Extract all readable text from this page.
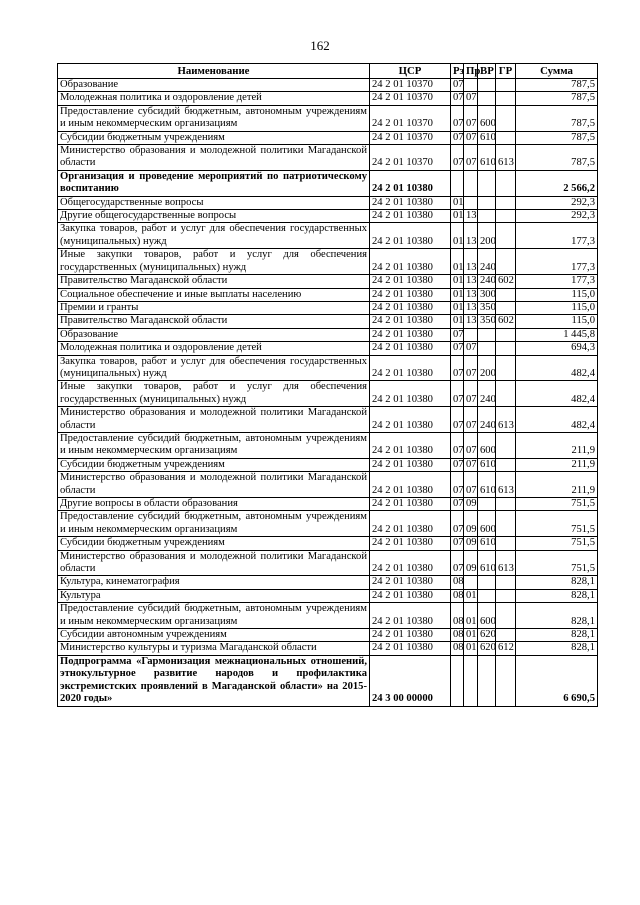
162
Наименование	ЦСР	Рз	Пр	ВР	ГР	Сумма
Образование	24 2 01 10370	07				787,5
Молодежная политика и оздоровление детей	24 2 01 10370	07	07			787,5
Предоставление субсидий бюджетным, автономным учреждениям и иным некоммерческим организациям	24 2 01 10370	07	07	600		787,5
Субсидии бюджетным учреждениям	24 2 01 10370	07	07	610		787,5
Министерство образования и молодежной политики Магаданской области	24 2 01 10370	07	07	610	613	787,5
Организация и проведение мероприятий по патриотическому воспитанию	24 2 01 10380					2 566,2
Общегосударственные вопросы	24 2 01 10380	01				292,3
Другие общегосударственные вопросы	24 2 01 10380	01	13			292,3
Закупка товаров, работ и услуг для обеспечения государственных (муниципальных) нужд	24 2 01 10380	01	13	200		177,3
Иные закупки товаров, работ и услуг для обеспечения государственных (муниципальных) нужд	24 2 01 10380	01	13	240		177,3
Правительство Магаданской области	24 2 01 10380	01	13	240	602	177,3
Социальное обеспечение и иные выплаты населению	24 2 01 10380	01	13	300		115,0
Премии и гранты	24 2 01 10380	01	13	350		115,0
Правительство Магаданской области	24 2 01 10380	01	13	350	602	115,0
Образование	24 2 01 10380	07				1 445,8
Молодежная политика и оздоровление детей	24 2 01 10380	07	07			694,3
Закупка товаров, работ и услуг для обеспечения государственных (муниципальных) нужд	24 2 01 10380	07	07	200		482,4
Иные закупки товаров, работ и услуг для обеспечения государственных (муниципальных) нужд	24 2 01 10380	07	07	240		482,4
Министерство образования и молодежной политики Магаданской области	24 2 01 10380	07	07	240	613	482,4
Предоставление субсидий бюджетным, автономным учреждениям и иным некоммерческим организациям	24 2 01 10380	07	07	600		211,9
Субсидии бюджетным учреждениям	24 2 01 10380	07	07	610		211,9
Министерство образования и молодежной политики Магаданской области	24 2 01 10380	07	07	610	613	211,9
Другие вопросы в области образования	24 2 01 10380	07	09			751,5
Предоставление субсидий бюджетным, автономным учреждениям и иным некоммерческим организациям	24 2 01 10380	07	09	600		751,5
Субсидии бюджетным учреждениям	24 2 01 10380	07	09	610		751,5
Министерство образования и молодежной политики Магаданской области	24 2 01 10380	07	09	610	613	751,5
Культура, кинематография	24 2 01 10380	08				828,1
Культура	24 2 01 10380	08	01			828,1
Предоставление субсидий бюджетным, автономным учреждениям и иным некоммерческим организациям	24 2 01 10380	08	01	600		828,1
Субсидии автономным учреждениям	24 2 01 10380	08	01	620		828,1
Министерство культуры и туризма Магаданской области	24 2 01 10380	08	01	620	612	828,1
Подпрограмма «Гармонизация межнациональных отношений, этнокультурное развитие народов и профилактика экстремистских проявлений в Магаданской области» на 2015-2020 годы»	24 3 00 00000					6 690,5
